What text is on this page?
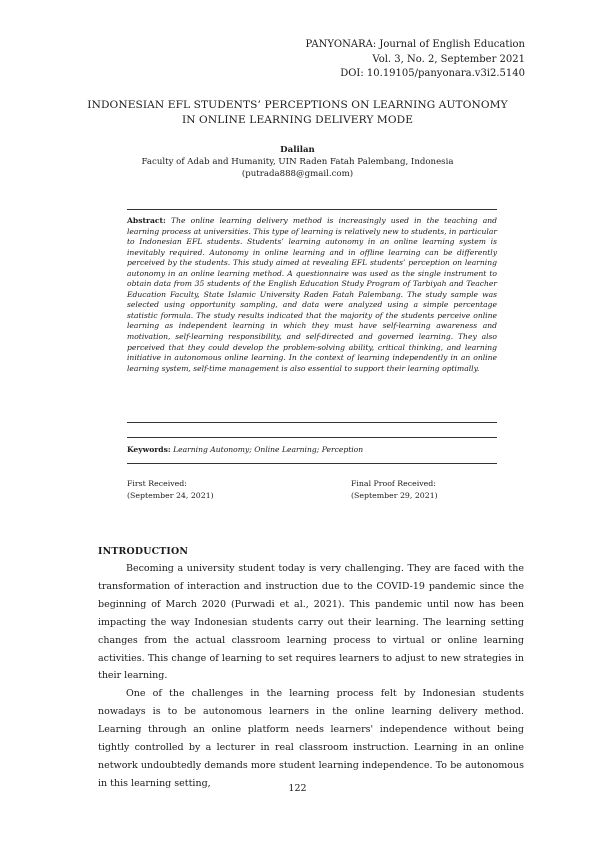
PANYONARA: Journal of English Education
Vol. 3, No. 2, September 2021
DOI: 10.19105/panyonara.v3i2.5140
INDONESIAN EFL STUDENTS’ PERCEPTIONS ON LEARNING AUTONOMY
IN ONLINE LEARNING DELIVERY MODE
Dalilan
Faculty of Adab and Humanity, UIN Raden Fatah Palembang, Indonesia
(putrada888@gmail.com)
Abstract: The online learning delivery method is increasingly used in the teaching and learning process at universities. This type of learning is relatively new to students, in particular to Indonesian EFL students. Students’ learning autonomy in an online learning system is inevitably required. Autonomy in online learning and in offline learning can be differently perceived by the students. This study aimed at revealing EFL students’ perception on learning autonomy in an online learning method. A questionnaire was used as the single instrument to obtain data from 35 students of the English Education Study Program of Tarbiyah and Teacher Education Faculty, State Islamic University Raden Fatah Palembang. The study sample was selected using opportunity sampling, and data were analyzed using a simple percentage statistic formula. The study results indicated that the majority of the students perceive online learning as independent learning in which they must have self-learning awareness and motivation, self-learning responsibility, and self-directed and governed learning. They also perceived that they could develop the problem-solving ability, critical thinking, and learning initiative in autonomous online learning. In the context of learning independently in an online learning system, self-time management is also essential to support their learning optimally.
Keywords: Learning Autonomy; Online Learning; Perception
First Received:
(September 24, 2021)
Final Proof Received:
(September 29, 2021)
INTRODUCTION

Becoming a university student today is very challenging. They are faced with the transformation of interaction and instruction due to the COVID-19 pandemic since the beginning of March 2020 (Purwadi et al., 2021). This pandemic until now has been impacting the way Indonesian students carry out their learning. The learning setting changes from the actual classroom learning process to virtual or online learning activities. This change of learning to set requires learners to adjust to new strategies in their learning.

One of the challenges in the learning process felt by Indonesian students nowadays is to be autonomous learners in the online learning delivery method. Learning through an online platform needs learners' independence without being tightly controlled by a lecturer in real classroom instruction. Learning in an online network undoubtedly demands more student learning independence. To be autonomous in this learning setting,	122
